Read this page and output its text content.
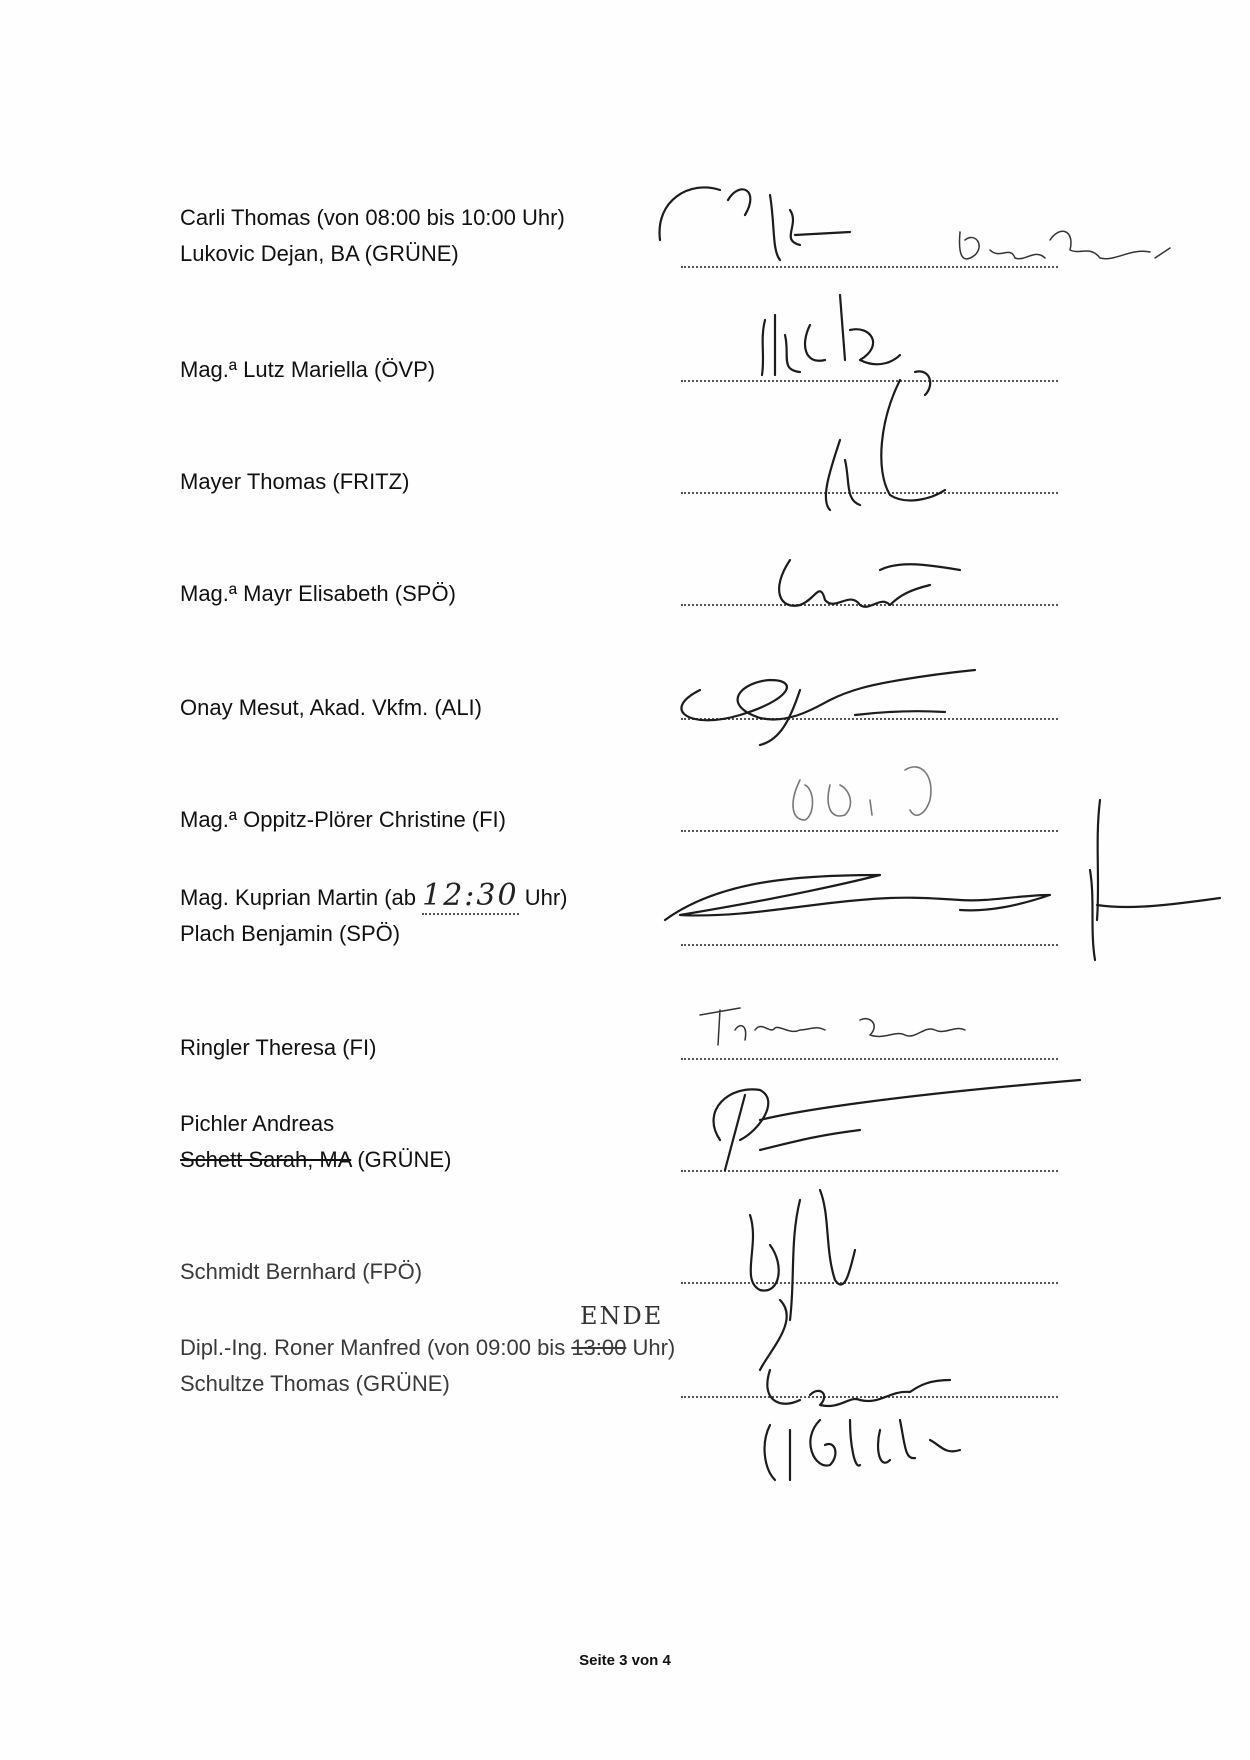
Carli Thomas (von 08:00 bis 10:00 Uhr)
Lukovic Dejan, BA (GRÜNE)
Mag.ª Lutz Mariella (ÖVP)
Mayer Thomas (FRITZ)
Mag.ª Mayr Elisabeth (SPÖ)
Onay Mesut, Akad. Vkfm. (ALI)
Mag.ª Oppitz-Plörer Christine (FI)
Mag. Kuprian Martin (ab 12:30 Uhr)
Plach Benjamin (SPÖ)
Ringler Theresa (FI)
Pichler Andreas
Schett Sarah, MA (GRÜNE)
Schmidt Bernhard (FPÖ)
ENDE
Dipl.-Ing. Roner Manfred (von 09:00 bis 13:00 Uhr)
Schultze Thomas (GRÜNE)
Seite 3 von 4
